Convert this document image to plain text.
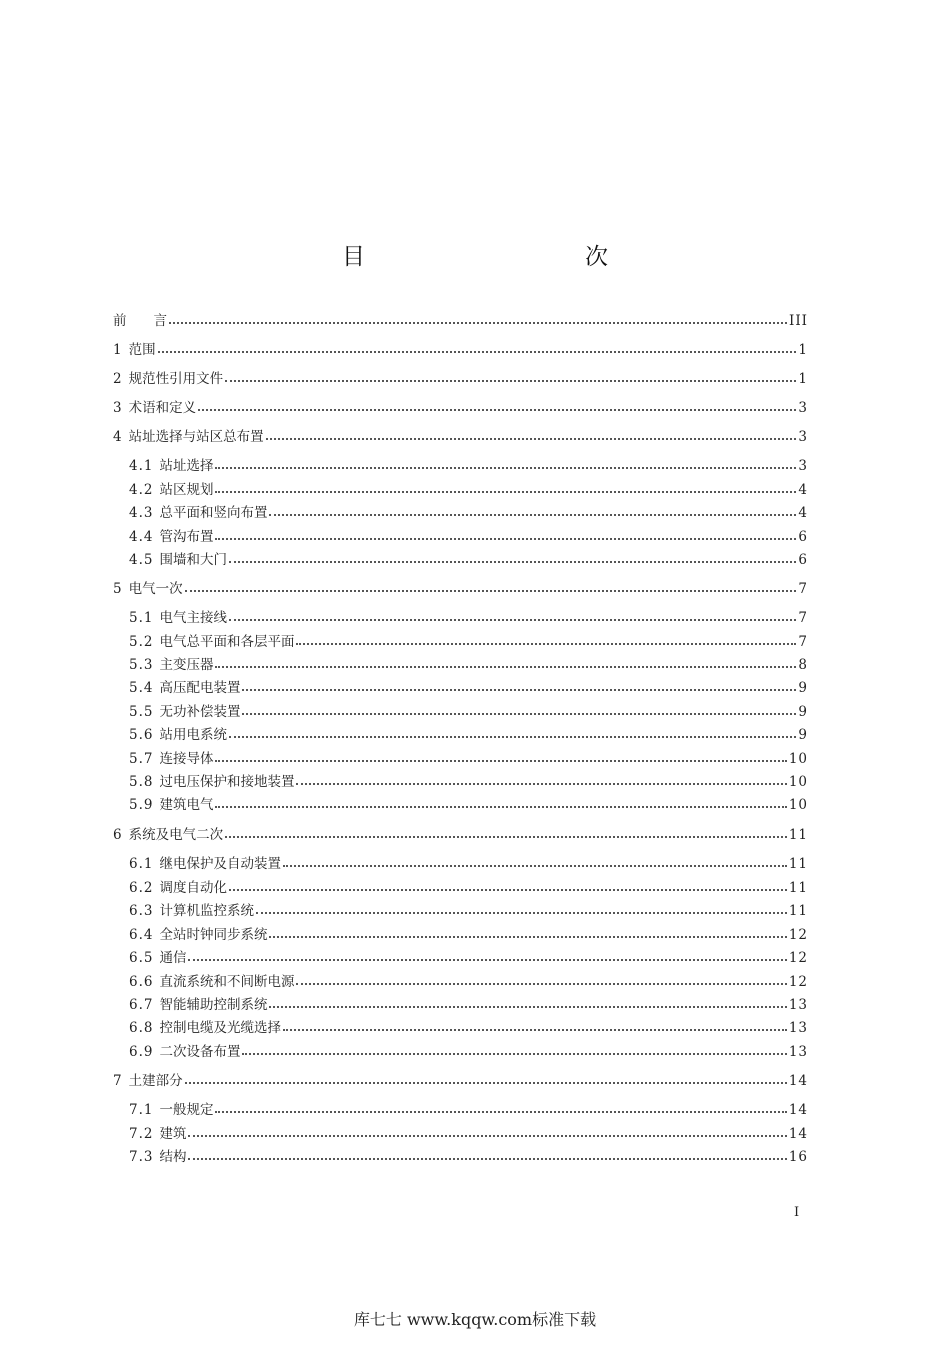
目　　次
前　　言	III
1 范围	1
2 规范性引用文件	1
3 术语和定义	3
4 站址选择与站区总布置	3
4.1 站址选择	3
4.2 站区规划	4
4.3 总平面和竖向布置	4
4.4 管沟布置	6
4.5 围墙和大门	6
5 电气一次	7
5.1 电气主接线	7
5.2 电气总平面和各层平面	7
5.3 主变压器	8
5.4 高压配电装置	9
5.5 无功补偿装置	9
5.6 站用电系统	9
5.7 连接导体	10
5.8 过电压保护和接地装置	10
5.9 建筑电气	10
6 系统及电气二次	11
6.1 继电保护及自动装置	11
6.2 调度自动化	11
6.3 计算机监控系统	11
6.4 全站时钟同步系统	12
6.5 通信	12
6.6 直流系统和不间断电源	12
6.7 智能辅助控制系统	13
6.8 控制电缆及光缆选择	13
6.9 二次设备布置	13
7 土建部分	14
7.1 一般规定	14
7.2 建筑	14
7.3 结构	16
I
库七七 www.kqqw.com标准下载
